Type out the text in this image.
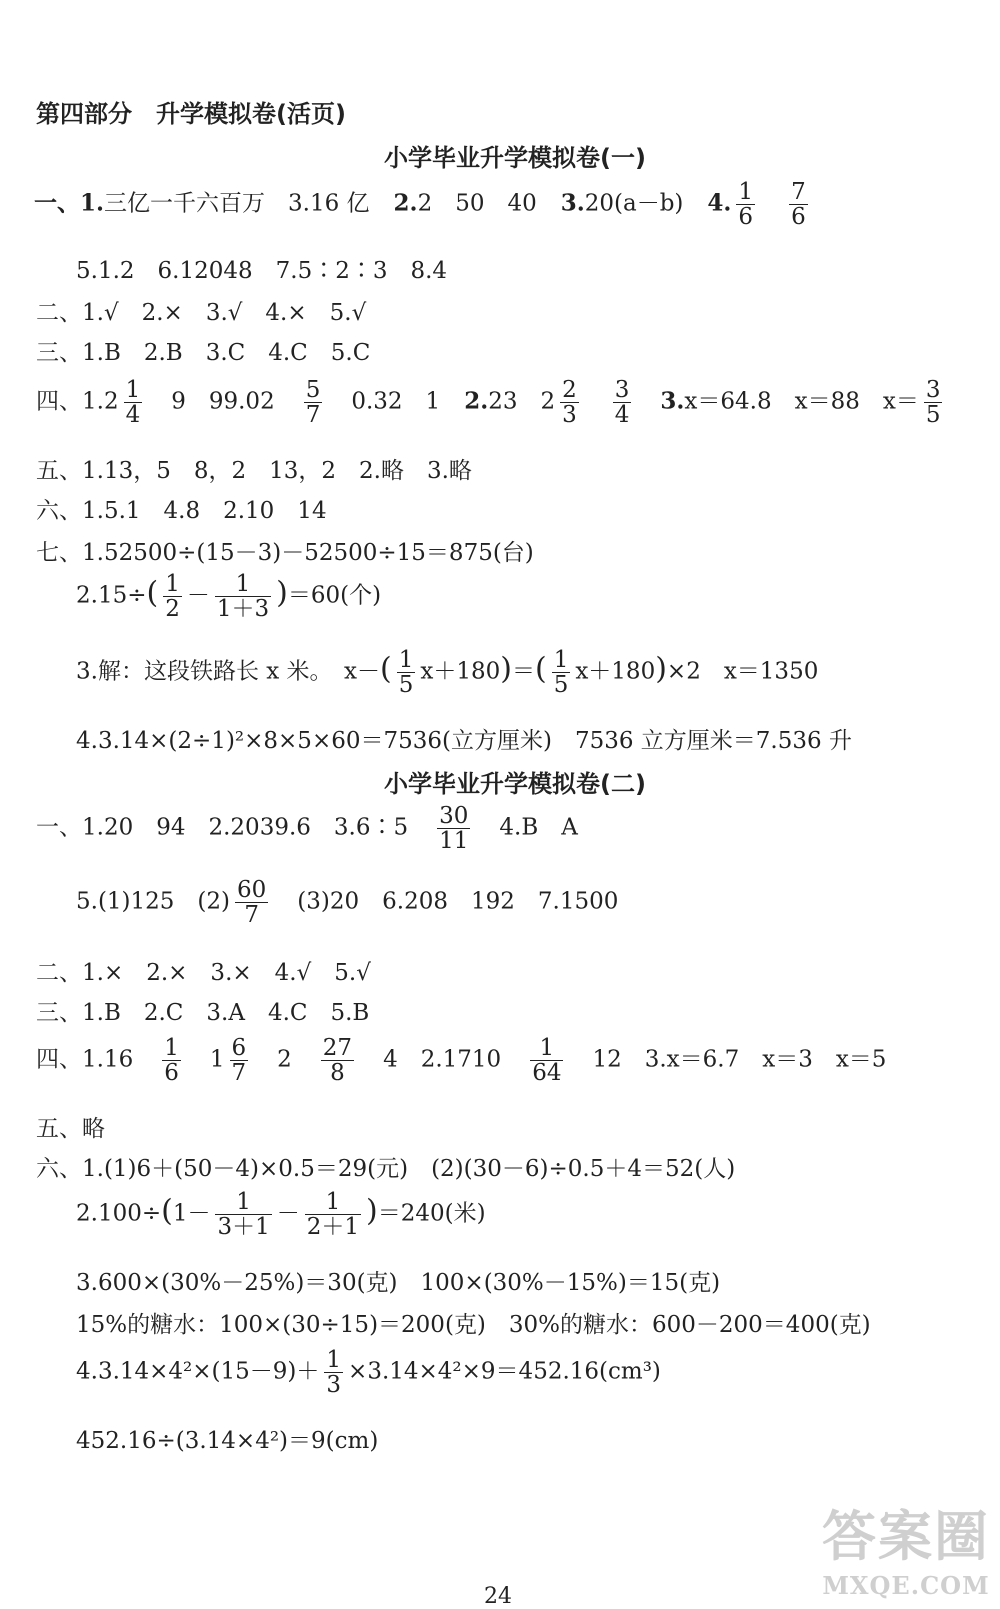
第四部分　升学模拟卷(活页)
小学毕业升学模拟卷(一)
一、1.三亿一千六百万　3.16 亿 2.2　50　40 3.20(a－b) 4. $\frac{1}{6} \frac{7}{6}$
5.1.2　6.12048　7.5∶2∶3　8.4
二、1.√　2.×　3.√　4.×　5.√
三、1.B　2.B　3.C　4.C　5.C
四、$1.2 \frac{1}{4} 9$　$99.02 \frac{5}{7} 0.32$　1 2.23　$2 \frac{2}{3} \frac{3}{4} 3.x=64.8$　x＝88　$x= \frac{3}{5}$
五、1.13，5　8，2　13，2　2.略　3.略
六、1.5.1　4.8　2.10　14
七、1.52500÷(15－3)－52500÷15＝875(台)
$2.15\div( \frac{1}{2} - \frac{1}{1+3} )=60$(个)
3.解：这段铁路长 x 米。　$x-( \frac{1}{5} x+180)=( \frac{1}{5} x+180)\times 2$　x＝1350
4.3.14×(2÷1)²×8×5×60＝7536(立方厘米)　7536 立方厘米＝7.536 升
小学毕业升学模拟卷(二)
一、1.20　94　2.2039.6　3.6∶5 $\frac{30}{11} 4.B$　A
5.(1)125　$(2) \frac{60}{7} (3)20$　6.208　192　7.1500
二、1.×　2.×　3.×　4.√　5.√
三、1.B　2.C　3.A　4.C　5.B
四、$1.16 \frac{1}{6} 1 \frac{6}{7} 2 \frac{27}{8} 4$　$2.1710 \frac{1}{64} 12$　3.x＝6.7　x＝3　x＝5
五、略
六、1.(1)6＋(50－4)×0.5＝29(元)　(2)(30－6)÷0.5＋4＝52(人)
$2.100\div(1- \frac{1}{3+1} - \frac{1}{2+1} )=240$(米)
3.600×(30%－25%)＝30(克)　100×(30%－15%)＝15(克)
15%的糖水：100×(30÷15)＝200(克)　30%的糖水：600－200＝400(克)
$4.3.14\times 4^2\times(15-9)+ \frac{1}{3} \times 3.14\times 4^2\times 9=452.16(cm^3)$
452.16÷(3.14×4²)＝9(cm)
24
答案圈
MXQE.COM
